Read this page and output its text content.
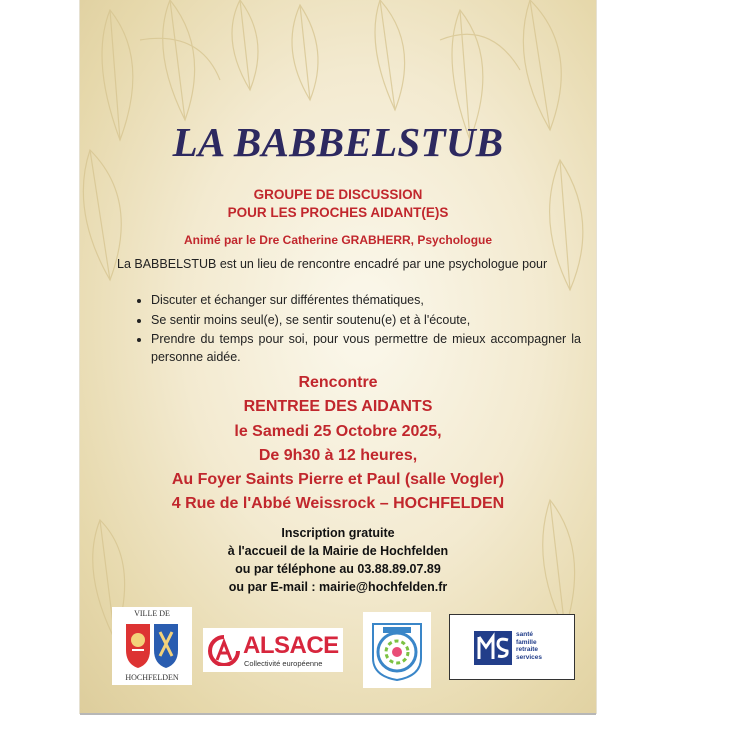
LA BABBELSTUB
GROUPE DE DISCUSSION
POUR LES PROCHES AIDANT(E)S
Animé par le Dre Catherine GRABHERR, Psychologue
La BABBELSTUB est un lieu de rencontre encadré par une psychologue pour
• Discuter et échanger sur différentes thématiques,
• Se sentir moins seul(e), se sentir soutenu(e) et à l'écoute,
• Prendre du temps pour soi, pour vous permettre de mieux accompagner la personne aidée.
Rencontre
RENTREE DES AIDANTS
le Samedi 25 Octobre 2025,
De 9h30 à 12 heures,
Au Foyer Saints Pierre et Paul (salle Vogler)
4 Rue de l'Abbé Weissrock – HOCHFELDEN
Inscription gratuite
à l'accueil de la Mairie de Hochfelden
ou par téléphone au 03.88.89.07.89
ou par E-mail : mairie@hochfelden.fr
VILLE DE
HOCHFELDEN
ALSACE
Collectivité européenne
santé
famille
retraite
services
